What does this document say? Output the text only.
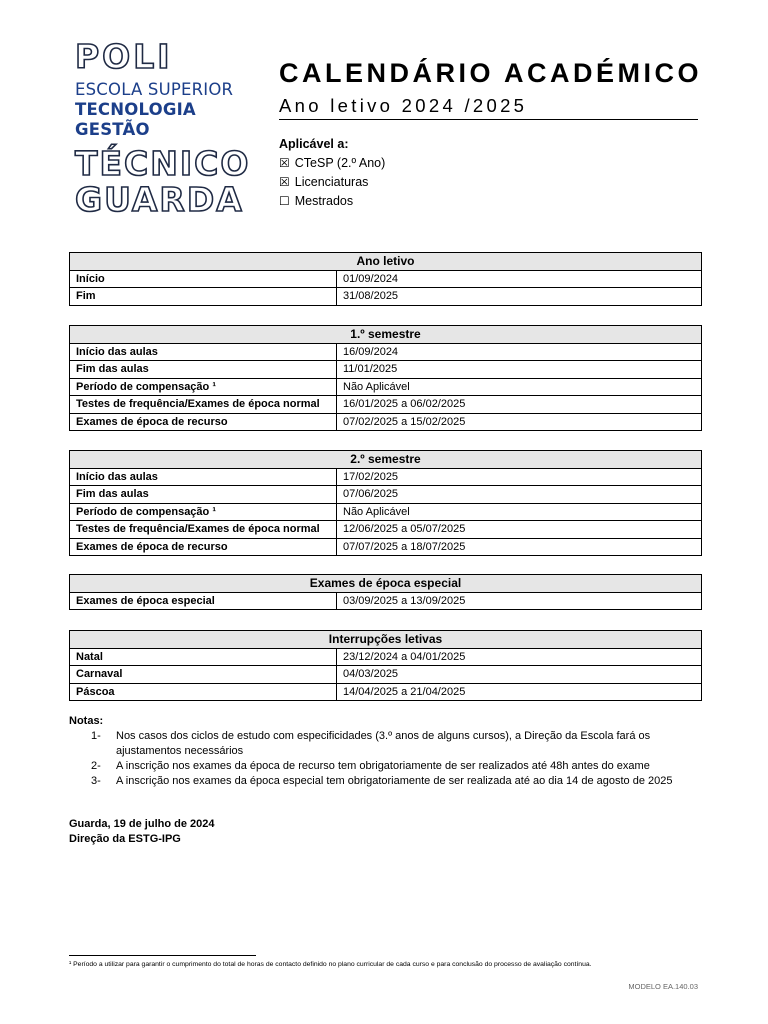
POLI
ESCOLA SUPERIOR
TECNOLOGIA
GESTÃO
TÉCNICO
GUARDA
CALENDÁRIO ACADÉMICO
Ano letivo 2024 /2025
Aplicável a:
☒ CTeSP (2.º Ano)
☒ Licenciaturas
☐ Mestrados
Ano letivo	
Início	01/09/2024
Fim	31/08/2025
1.º semestre	
Início das aulas	16/09/2024
Fim das aulas	11/01/2025
Período de compensação ¹	Não Aplicável
Testes de frequência/Exames de época normal	16/01/2025 a 06/02/2025
Exames de época de recurso	07/02/2025 a 15/02/2025
2.º semestre	
Início das aulas	17/02/2025
Fim das aulas	07/06/2025
Período de compensação ¹	Não Aplicável
Testes de frequência/Exames de época normal	12/06/2025 a 05/07/2025
Exames de época de recurso	07/07/2025 a 18/07/2025
Exames de época especial
Exames de época especial	03/09/2025 a 13/09/2025
Interrupções letivas	
Natal	23/12/2024 a 04/01/2025
Carnaval	04/03/2025
Páscoa	14/04/2025 a 21/04/2025
Notas:
1- Nos casos dos ciclos de estudo com especificidades (3.º anos de alguns cursos), a Direção da Escola fará os ajustamentos necessários
2- A inscrição nos exames da época de recurso tem obrigatoriamente de ser realizados até 48h antes do exame
3- A inscrição nos exames da época especial tem obrigatoriamente de ser realizada até ao dia 14 de agosto de 2025
Guarda, 19 de julho de 2024
Direção da ESTG-IPG
¹ Período a utilizar para garantir o cumprimento do total de horas de contacto definido no plano curricular de cada curso e para conclusão do processo de avaliação contínua.
MODELO EA.140.03
